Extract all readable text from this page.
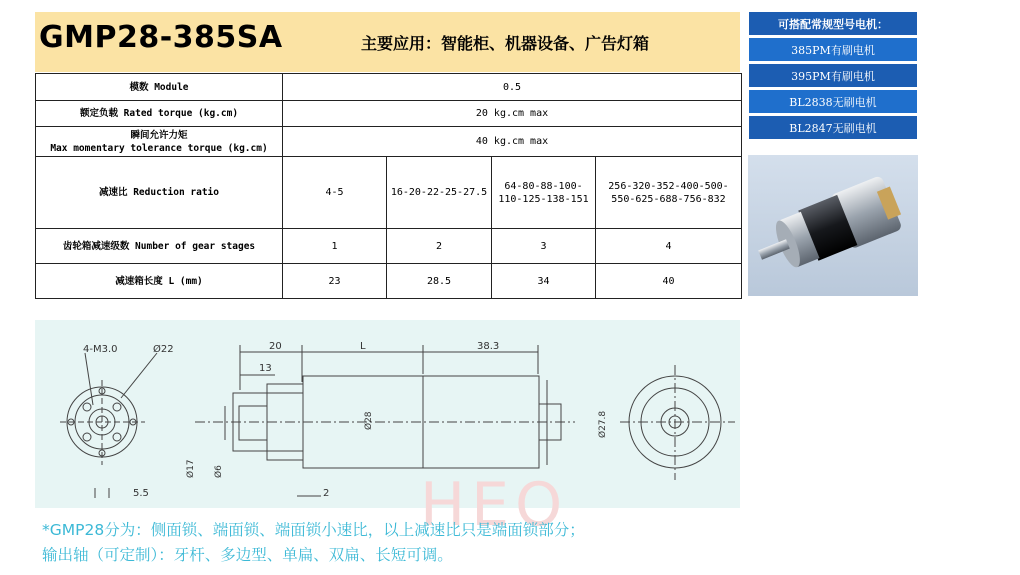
GMP28-385SA	主要应用：智能柜、机器设备、广告灯箱
模数 Module	0.5			
额定负载 Rated torque (kg.cm)	20 kg.cm max			

瞬间允许力矩
Max momentary tolerance torque (kg.cm)	40 kg.cm max			
减速比 Reduction ratio	4-5	16-20-22-25-27.5	64-80-88-100-110-125-138-151	256-320-352-400-500-550-625-688-756-832
齿轮箱减速级数 Number of gear stages	1	2	3	4
减速箱长度 L (mm)	23	28.5	34	40
可搭配常规型号电机：
385PM有刷电机
395PM有刷电机
BL2838无刷电机
BL2847无刷电机
4-M3.0	Ø22	20	L	38.3
13
Ø28	Ø27.8
Ø17 Ø6
5.5	2 HEO
*GMP28分为：侧面锁、端面锁、端面锁小速比，以上减速比只是端面锁部分；
输出轴（可定制）：牙杆、多边型、单扁、双扁、长短可调。
